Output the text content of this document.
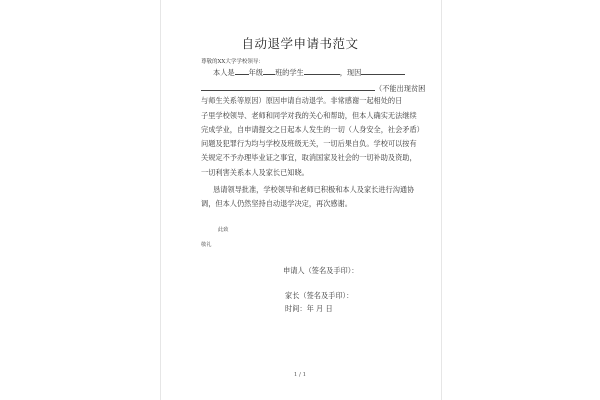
自动退学申请书范文
尊敬的XX大学学校领导：
本人是 年级 班的学生	，现因
（不能出现贫困
与师生关系等原因）原因申请自动退学。非常感谢一起相处的日
子里学校领导、老师和同学对我的关心和帮助，但本人确实无法继续
完成学业，自申请提交之日起本人发生的一切（人身安全，社会矛盾）
问题及犯罪行为均与学校及班级无关，一切后果自负。学校可以按有
关规定不予办理毕业证之事宜，取消国家及社会的一切补助及资助，
一切利害关系本人及家长已知晓。
恳请领导批准，学校领导和老师已积极和本人及家长进行沟通协
调，但本人仍然坚持自动退学决定，再次感谢。
此致
敬礼
申请人（签名及手印）：
家长（签名及手印）：
时间：年 月 日
1 / 1
